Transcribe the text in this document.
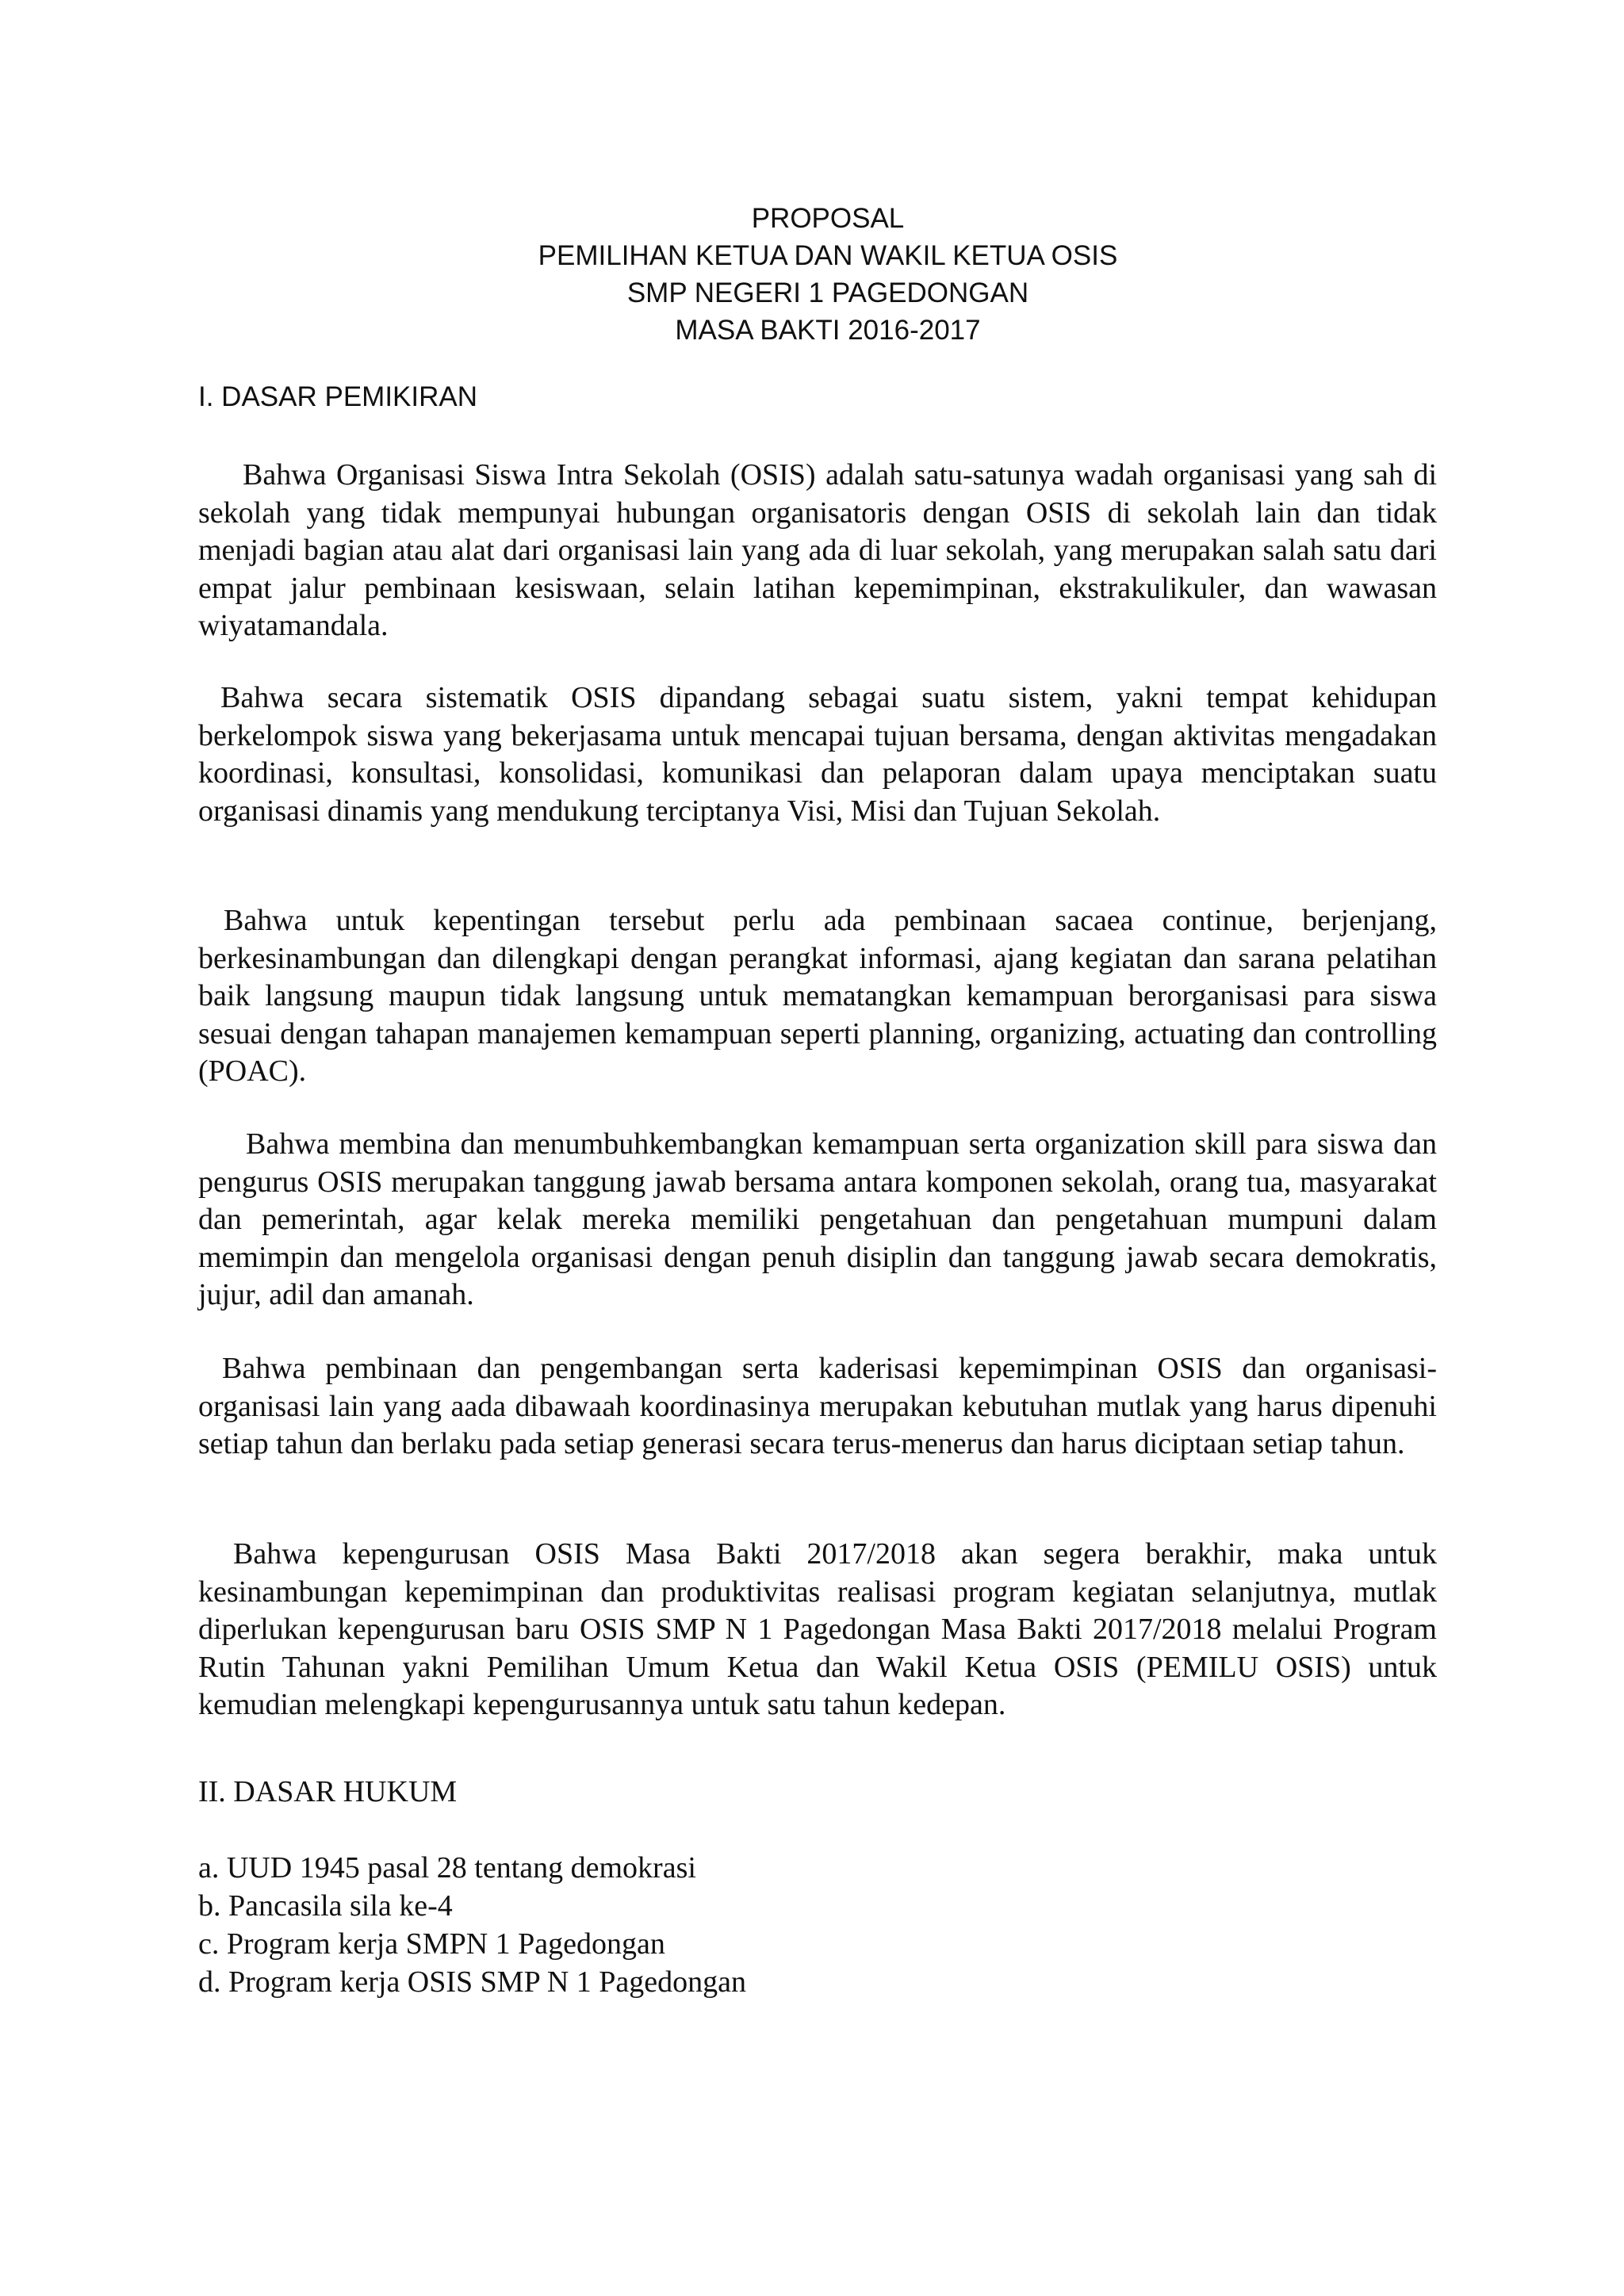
PROPOSAL
PEMILIHAN KETUA DAN WAKIL KETUA OSIS
SMP NEGERI 1 PAGEDONGAN
MASA BAKTI 2016-2017
I. DASAR PEMIKIRAN

Bahwa Organisasi Siswa Intra Sekolah (OSIS) adalah satu-satunya wadah organisasi yang sah di sekolah yang tidak mempunyai hubungan organisatoris dengan OSIS di sekolah lain dan tidak menjadi bagian atau alat dari organisasi lain yang ada di luar sekolah, yang merupakan salah satu dari empat jalur pembinaan kesiswaan, selain latihan kepemimpinan, ekstrakulikuler, dan wawasan wiyatamandala.

Bahwa secara sistematik OSIS dipandang sebagai suatu sistem, yakni tempat kehidupan berkelompok siswa yang bekerjasama untuk mencapai tujuan bersama, dengan aktivitas mengadakan koordinasi, konsultasi, konsolidasi, komunikasi dan pelaporan dalam upaya menciptakan suatu organisasi dinamis yang mendukung terciptanya Visi, Misi dan Tujuan Sekolah.

Bahwa untuk kepentingan tersebut perlu ada pembinaan sacaea continue, berjenjang, berkesinambungan dan dilengkapi dengan perangkat informasi, ajang kegiatan dan sarana pelatihan baik langsung maupun tidak langsung untuk mematangkan kemampuan berorganisasi para siswa sesuai dengan tahapan manajemen kemampuan seperti planning, organizing, actuating dan controlling (POAC).

Bahwa membina dan menumbuhkembangkan kemampuan serta organization skill para siswa dan pengurus OSIS merupakan tanggung jawab bersama antara komponen sekolah, orang tua, masyarakat dan pemerintah, agar kelak mereka memiliki pengetahuan dan pengetahuan mumpuni dalam memimpin dan mengelola organisasi dengan penuh disiplin dan tanggung jawab secara demokratis, jujur, adil dan amanah.

Bahwa pembinaan dan pengembangan serta kaderisasi kepemimpinan OSIS dan organisasi-organisasi lain yang aada dibawaah koordinasinya merupakan kebutuhan mutlak yang harus dipenuhi setiap tahun dan berlaku pada setiap generasi secara terus-menerus dan harus diciptaan setiap tahun.

Bahwa kepengurusan OSIS Masa Bakti 2017/2018 akan segera berakhir, maka untuk kesinambungan kepemimpinan dan produktivitas realisasi program kegiatan selanjutnya, mutlak diperlukan kepengurusan baru OSIS SMP N 1 Pagedongan Masa Bakti 2017/2018 melalui Program Rutin Tahunan yakni Pemilihan Umum Ketua dan Wakil Ketua OSIS (PEMILU OSIS) untuk kemudian melengkapi kepengurusannya untuk satu tahun kedepan.

II. DASAR HUKUM
a. UUD 1945 pasal 28 tentang demokrasi
b. Pancasila sila ke-4
c. Program kerja SMPN 1 Pagedongan
d. Program kerja OSIS SMP N 1 Pagedongan
